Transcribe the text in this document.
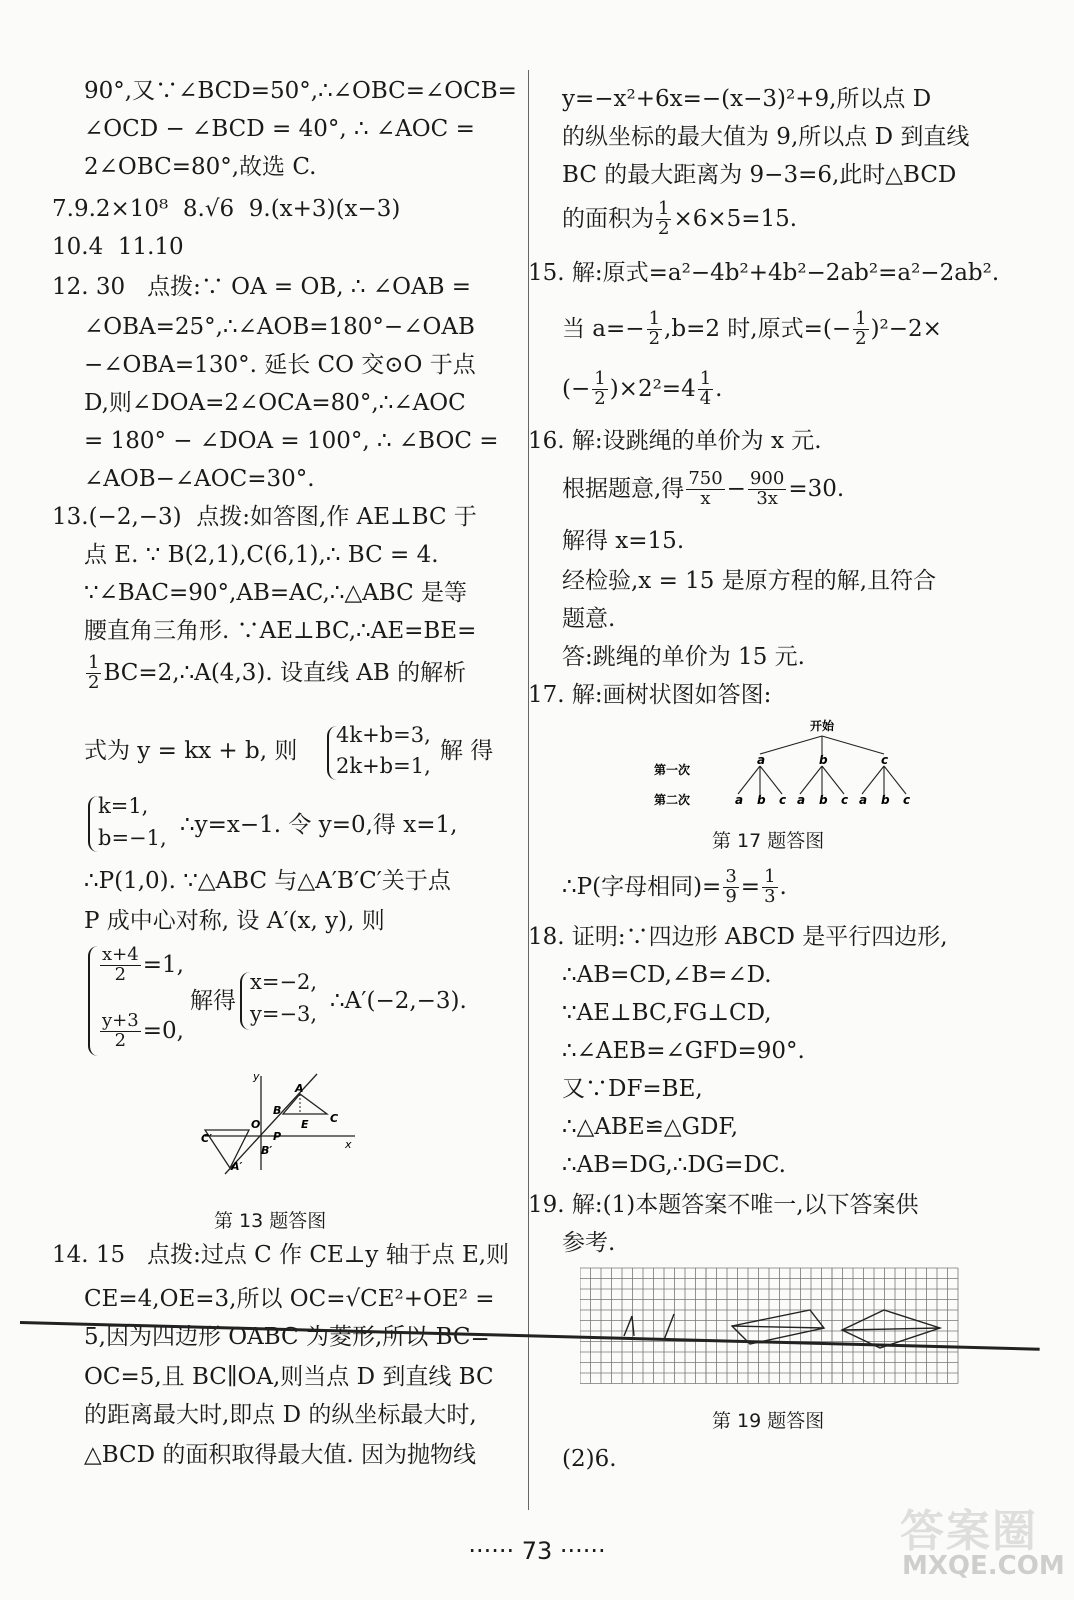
90°,又∵∠BCD=50°,∴∠OBC=∠OCB=
∠OCD − ∠BCD = 40°, ∴ ∠AOC =
2∠OBC=80°,故选 C.
7.9.2×10⁸  8.√6  9.(x+3)(x−3)
10.4  11.10
12. 30   点拨:∵ OA = OB, ∴ ∠OAB =
∠OBA=25°,∴∠AOB=180°−∠OAB
−∠OBA=130°. 延长 CO 交⊙O 于点
D,则∠DOA=2∠OCA=80°,∴∠AOC
= 180° − ∠DOA = 100°, ∴ ∠BOC =
∠AOB−∠AOC=30°.
13.(−2,−3)  点拨:如答图,作 AE⊥BC 于
点 E. ∵ B(2,1),C(6,1),∴ BC = 4.
∵∠BAC=90°,AB=AC,∴△ABC 是等
腰直角三角形. ∵AE⊥BC,∴AE=BE=
$\frac{1}{2}$ BC=2,∴A(4,3). 设直线 AB 的解析
式为 y = kx + b, 则
4k+b=3,
2k+b=1,
解 得
k=1,
b=−1, ∴y=x−1. 令 y=0,得 x=1,
∴P(1,0). ∵△ABC 与△A′B′C′关于点
P 成中心对称, 设 A′(x, y), 则
$\frac{x+4}{2} =1$,
$\frac{y+3}{2} =0$,
解得
x=−2,
y=−3, ∴A′(−2,−3).
y
x
O
A
B
C
E
P
B′
C′
A′
第 13 题答图
14. 15   点拨:过点 C 作 CE⊥y 轴于点 E,则
CE=4,OE=3,所以 OC=√CE²+OE² =
5,因为四边形 OABC 为菱形,所以 BC=
OC=5,且 BC∥OA,则当点 D 到直线 BC
的距离最大时,即点 D 的纵坐标最大时,
△BCD 的面积取得最大值. 因为抛物线
y=−x²+6x=−(x−3)²+9,所以点 D
的纵坐标的最大值为 9,所以点 D 到直线
BC 的最大距离为 9−3=6,此时△BCD
的面积为 $\frac{1}{2} \times 6\times 5=15$.
15. 解:原式=a²−4b²+4b²−2ab²=a²−2ab².
当 $a=- \frac{1}{2} ,b=2$ 时,原式=(− $\frac{1}{2} )^2-2\times$
(− $\frac{1}{2} )\times 2^2=4 \frac{1}{4}$ .
16. 解:设跳绳的单价为 x 元.
根据题意,得 $\frac{750}{x} - \frac{900}{3x} =30$.
解得 x=15.
经检验,x = 15 是原方程的解,且符合
题意.
答:跳绳的单价为 15 元.
17. 解:画树状图如答图:
开始
第一次
第二次
a
a b c
b
a b c
c
a b c
第 17 题答图
∴P(字母相同)= $\frac{3}{9} = \frac{1}{3}$ .
18. 证明:∵四边形 ABCD 是平行四边形,
∴AB=CD,∠B=∠D.
∵AE⊥BC,FG⊥CD,
∴∠AEB=∠GFD=90°.
又∵DF=BE,
∴△ABE≌△GDF,
∴AB=DG,∴DG=DC.
19. 解:(1)本题答案不唯一,以下答案供
参考.
第 19 题答图
(2)6.
······ 73 ······	答案圈
MXQE.COM
